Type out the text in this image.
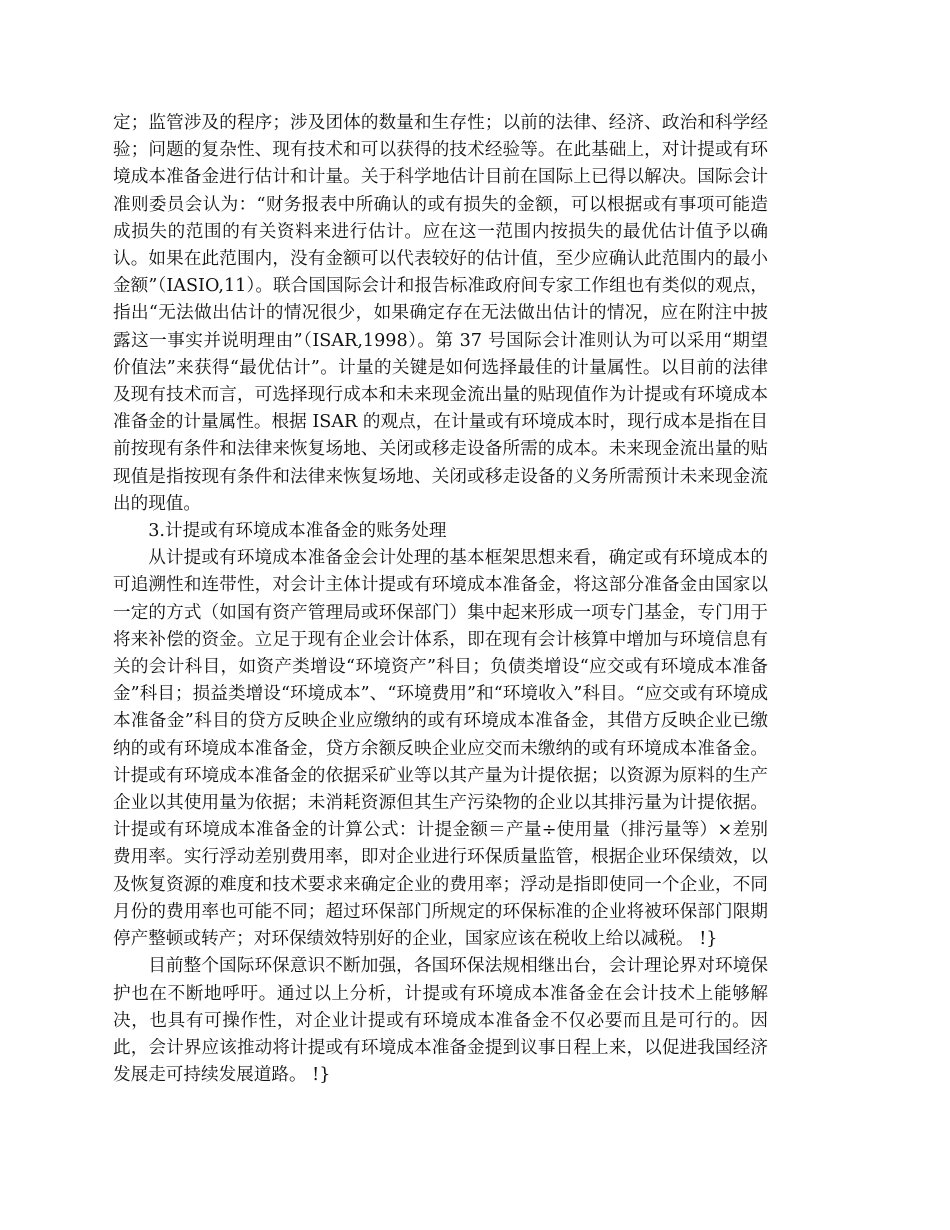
定；监管涉及的程序；涉及团体的数量和生存性；以前的法律、经济、政治和科学经验；问题的复杂性、现有技术和可以获得的技术经验等。在此基础上，对计提或有环境成本准备金进行估计和计量。关于科学地估计目前在国际上已得以解决。国际会计准则委员会认为：“财务报表中所确认的或有损失的金额，可以根据或有事项可能造成损失的范围的有关资料来进行估计。应在这一范围内按损失的最优估计值予以确认。如果在此范围内，没有金额可以代表较好的估计值，至少应确认此范围内的最小金额”（IASIO,11）。联合国国际会计和报告标准政府间专家工作组也有类似的观点，指出“无法做出估计的情况很少，如果确定存在无法做出估计的情况，应在附注中披露这一事实并说明理由”（ISAR,1998）。第 37 号国际会计准则认为可以采用“期望价值法”来获得“最优估计”。计量的关键是如何选择最佳的计量属性。以目前的法律及现有技术而言，可选择现行成本和未来现金流出量的贴现值作为计提或有环境成本准备金的计量属性。根据 ISAR 的观点，在计量或有环境成本时，现行成本是指在目前按现有条件和法律来恢复场地、关闭或移走设备所需的成本。未来现金流出量的贴现值是指按现有条件和法律来恢复场地、关闭或移走设备的义务所需预计未来现金流出的现值。

3.计提或有环境成本准备金的账务处理

从计提或有环境成本准备金会计处理的基本框架思想来看，确定或有环境成本的可追溯性和连带性，对会计主体计提或有环境成本准备金，将这部分准备金由国家以一定的方式（如国有资产管理局或环保部门）集中起来形成一项专门基金，专门用于将来补偿的资金。立足于现有企业会计体系，即在现有会计核算中增加与环境信息有关的会计科目，如资产类增设“环境资产”科目；负债类增设“应交或有环境成本准备金”科目；损益类增设“环境成本”、“环境费用”和“环境收入”科目。“应交或有环境成本准备金”科目的贷方反映企业应缴纳的或有环境成本准备金，其借方反映企业已缴纳的或有环境成本准备金，贷方余额反映企业应交而未缴纳的或有环境成本准备金。计提或有环境成本准备金的依据采矿业等以其产量为计提依据；以资源为原料的生产企业以其使用量为依据；未消耗资源但其生产污染物的企业以其排污量为计提依据。计提或有环境成本准备金的计算公式：计提金额＝产量÷使用量（排污量等）×差别费用率。实行浮动差别费用率，即对企业进行环保质量监管，根据企业环保绩效，以及恢复资源的难度和技术要求来确定企业的费用率；浮动是指即使同一个企业，不同月份的费用率也可能不同；超过环保部门所规定的环保标准的企业将被环保部门限期停产整顿或转产；对环保绩效特别好的企业，国家应该在税收上给以减税。 !}

目前整个国际环保意识不断加强，各国环保法规相继出台，会计理论界对环境保护也在不断地呼吁。通过以上分析，计提或有环境成本准备金在会计技术上能够解决，也具有可操作性，对企业计提或有环境成本准备金不仅必要而且是可行的。因此，会计界应该推动将计提或有环境成本准备金提到议事日程上来，以促进我国经济发展走可持续发展道路。 !}
